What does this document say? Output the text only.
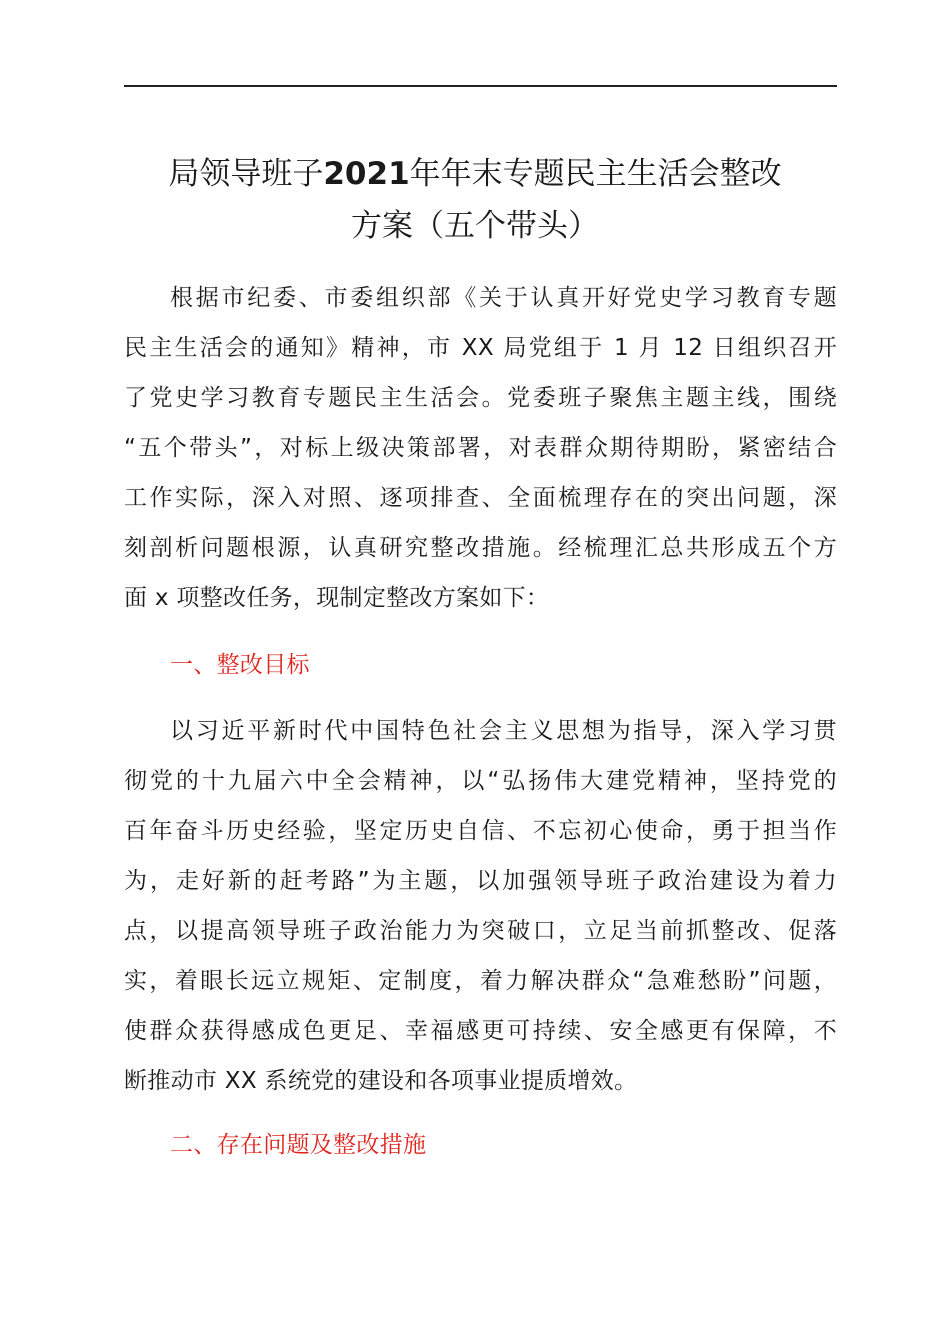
局领导班子2021年年末专题民主生活会整改
方案（五个带头）
根据市纪委、市委组织部《关于认真开好党史学习教育专题
民主生活会的通知》精神，市 XX 局党组于 1 月 12 日组织召开
了党史学习教育专题民主生活会。党委班子聚焦主题主线，围绕
“五个带头”，对标上级决策部署，对表群众期待期盼，紧密结合
工作实际，深入对照、逐项排查、全面梳理存在的突出问题，深
刻剖析问题根源，认真研究整改措施。经梳理汇总共形成五个方
面 x 项整改任务，现制定整改方案如下：
一、整改目标
以习近平新时代中国特色社会主义思想为指导，深入学习贯
彻党的十九届六中全会精神，以“弘扬伟大建党精神，坚持党的
百年奋斗历史经验，坚定历史自信、不忘初心使命，勇于担当作
为，走好新的赶考路”为主题，以加强领导班子政治建设为着力
点，以提高领导班子政治能力为突破口，立足当前抓整改、促落
实，着眼长远立规矩、定制度，着力解决群众“急难愁盼”问题，
使群众获得感成色更足、幸福感更可持续、安全感更有保障，不
断推动市 XX 系统党的建设和各项事业提质增效。
二、存在问题及整改措施
